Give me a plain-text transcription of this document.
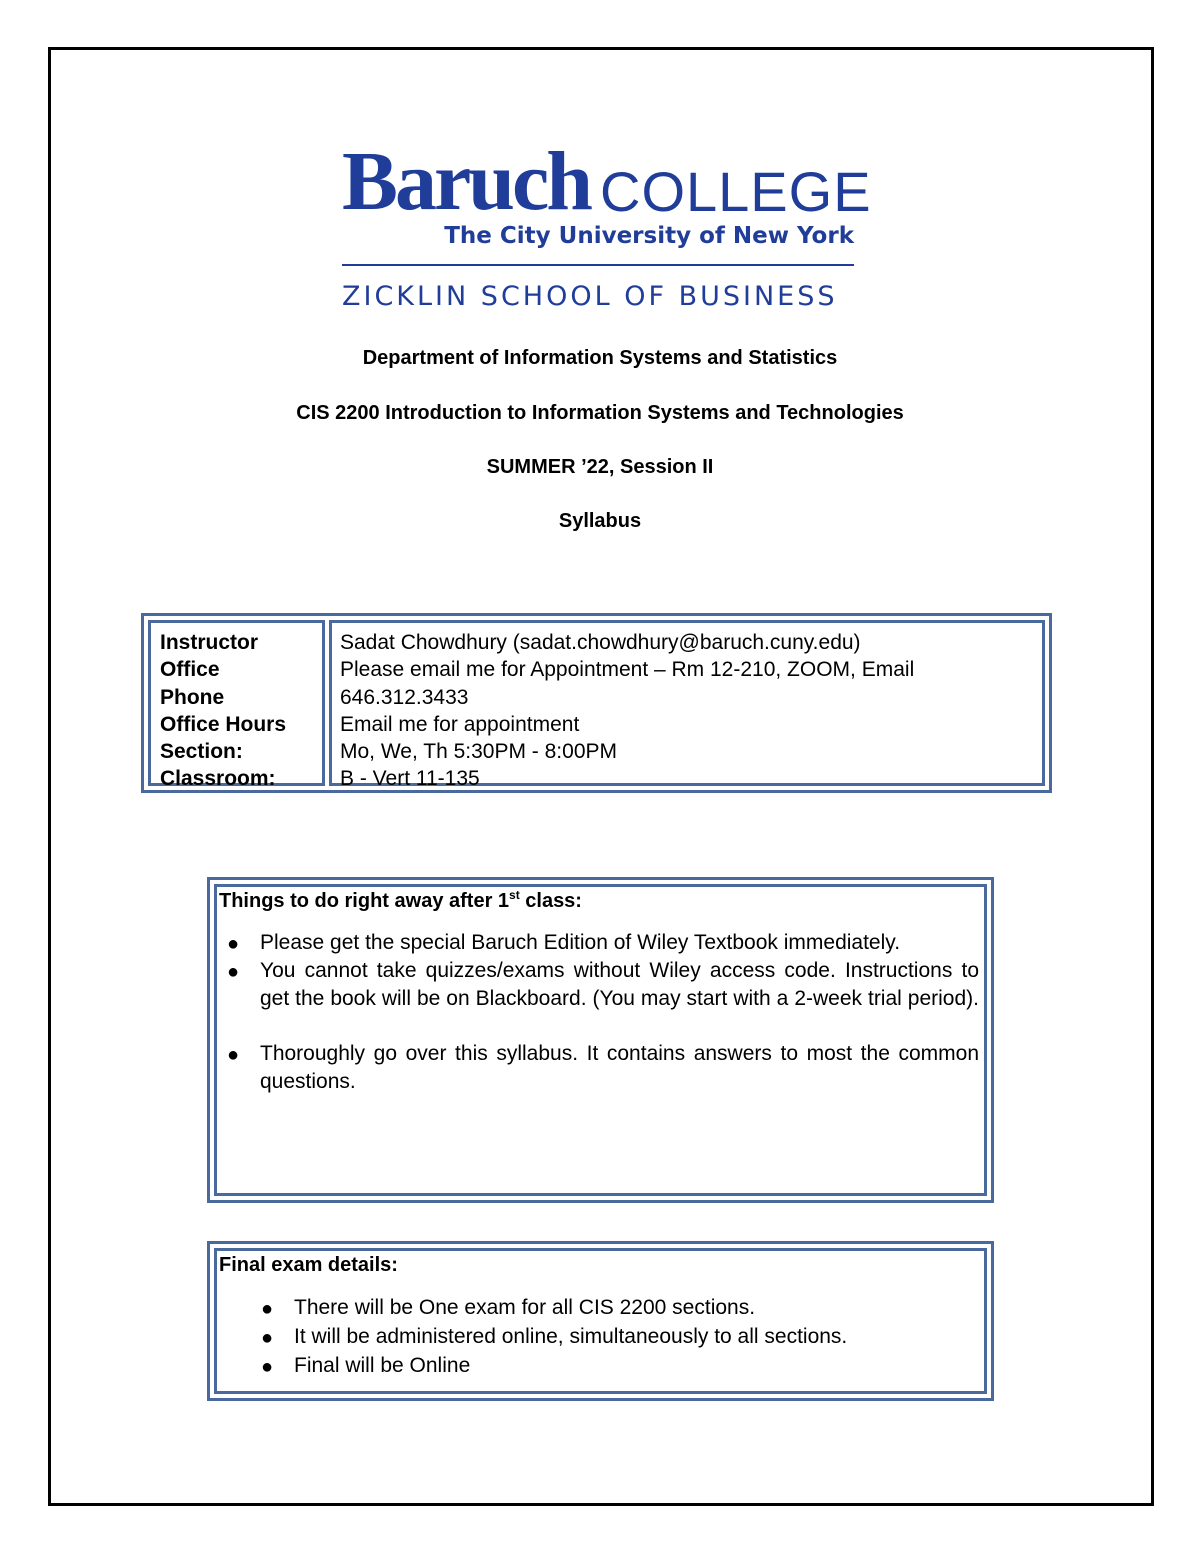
Baruch COLLEGE
The City University of New York
ZICKLIN SCHOOL OF BUSINESS
Department of Information Systems and Statistics
CIS 2200 Introduction to Information Systems and Technologies
SUMMER ’22, Session II
Syllabus
Instructor
Office
Phone
Office Hours
Section:
Classroom:
Sadat Chowdhury (sadat.chowdhury@baruch.cuny.edu)
Please email me for Appointment – Rm 12-210, ZOOM, Email
646.312.3433
Email me for appointment
Mo, We, Th 5:30PM - 8:00PM
B - Vert 11-135
Things to do right away after 1st class:
● Please get the special Baruch Edition of Wiley Textbook immediately.
● You cannot take quizzes/exams without Wiley access code. Instructions to get the book will be on Blackboard. (You may start with a 2-week trial period).
● Thoroughly go over this syllabus. It contains answers to most the common questions.
Final exam details:
● There will be One exam for all CIS 2200 sections.
● It will be administered online, simultaneously to all sections.
● Final will be Online
